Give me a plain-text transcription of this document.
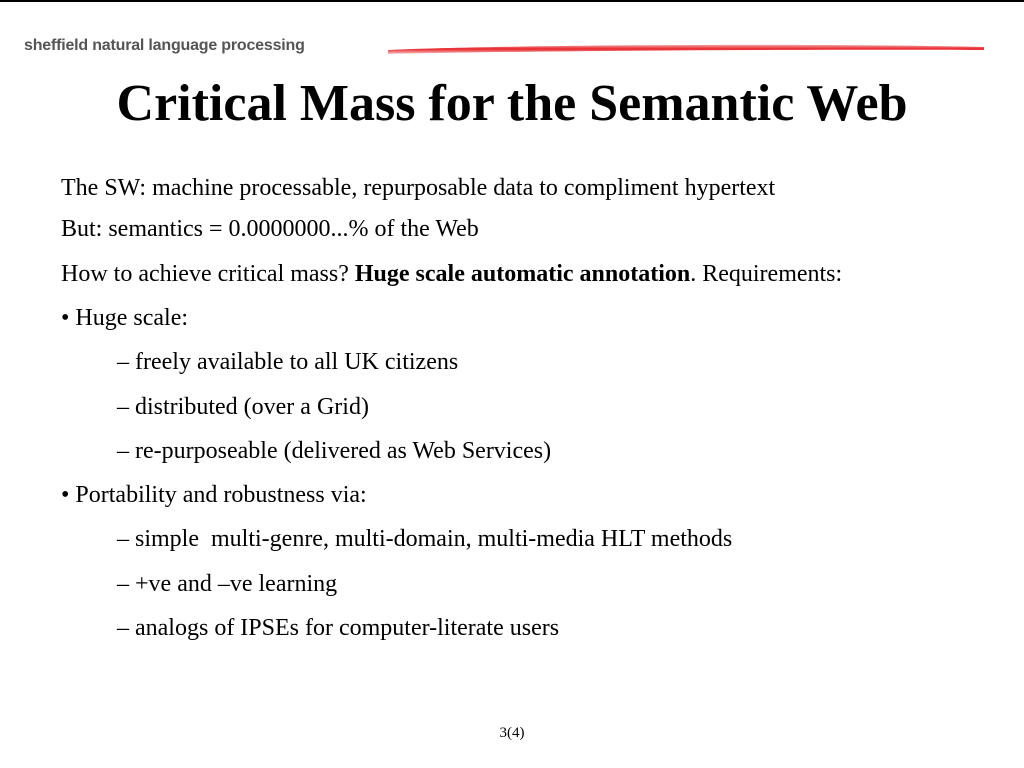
sheffield natural language processing
Critical Mass for the Semantic Web
The SW: machine processable, repurposable data to compliment hypertext
But: semantics = 0.0000000...% of the Web
How to achieve critical mass? Huge scale automatic annotation. Requirements:
• Huge scale:
– freely available to all UK citizens
– distributed (over a Grid)
– re-purposeable (delivered as Web Services)
• Portability and robustness via:
– simple  multi-genre, multi-domain, multi-media HLT methods
– +ve and –ve learning
– analogs of IPSEs for computer-literate users
3(4)
